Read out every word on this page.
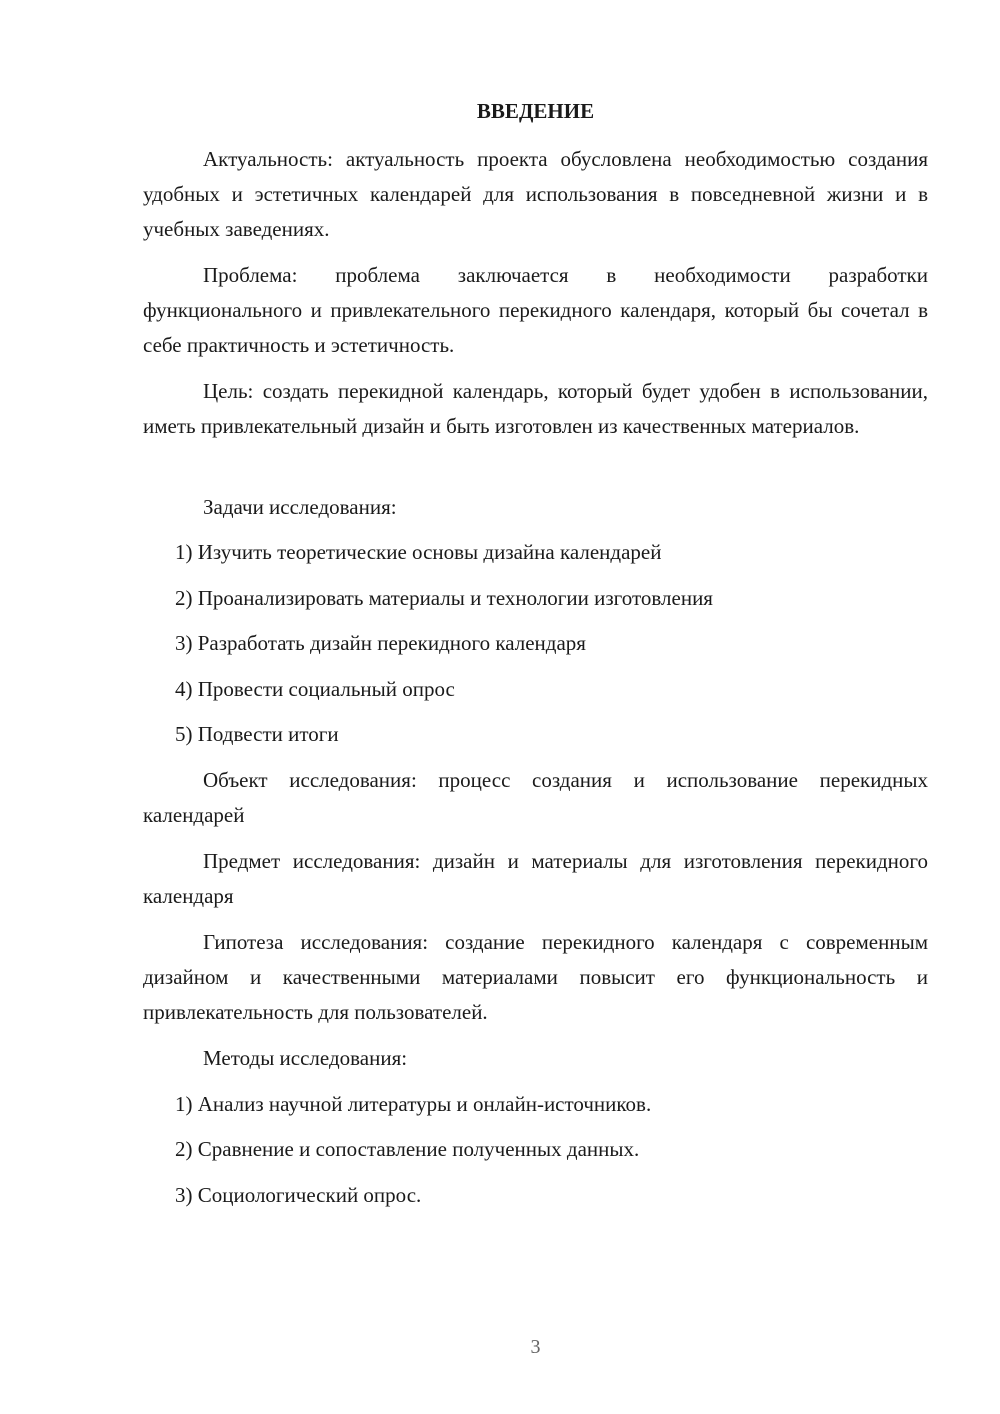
ВВЕДЕНИЕ

Актуальность: актуальность проекта обусловлена необходимостью создания удобных и эстетичных календарей для использования в повседневной жизни и в учебных заведениях.

Проблема: проблема заключается в необходимости разработки функционального и привлекательного перекидного календаря, который бы сочетал в себе практичность и эстетичность.

Цель: создать перекидной календарь, который будет удобен в использовании, иметь привлекательный дизайн и быть изготовлен из качественных материалов.

Задачи исследования:

1) Изучить теоретические основы дизайна календарей

2) Проанализировать материалы и технологии изготовления

3) Разработать дизайн перекидного календаря

4) Провести социальный опрос

5) Подвести итоги

Объект исследования: процесс создания и использование перекидных календарей

Предмет исследования: дизайн и материалы для изготовления перекидного календаря

Гипотеза исследования: создание перекидного календаря с современным дизайном и качественными материалами повысит его функциональность и привлекательность для пользователей.

Методы исследования:

1) Анализ научной литературы и онлайн-источников.

2) Сравнение и сопоставление полученных данных.

3) Социологический опрос.

3
